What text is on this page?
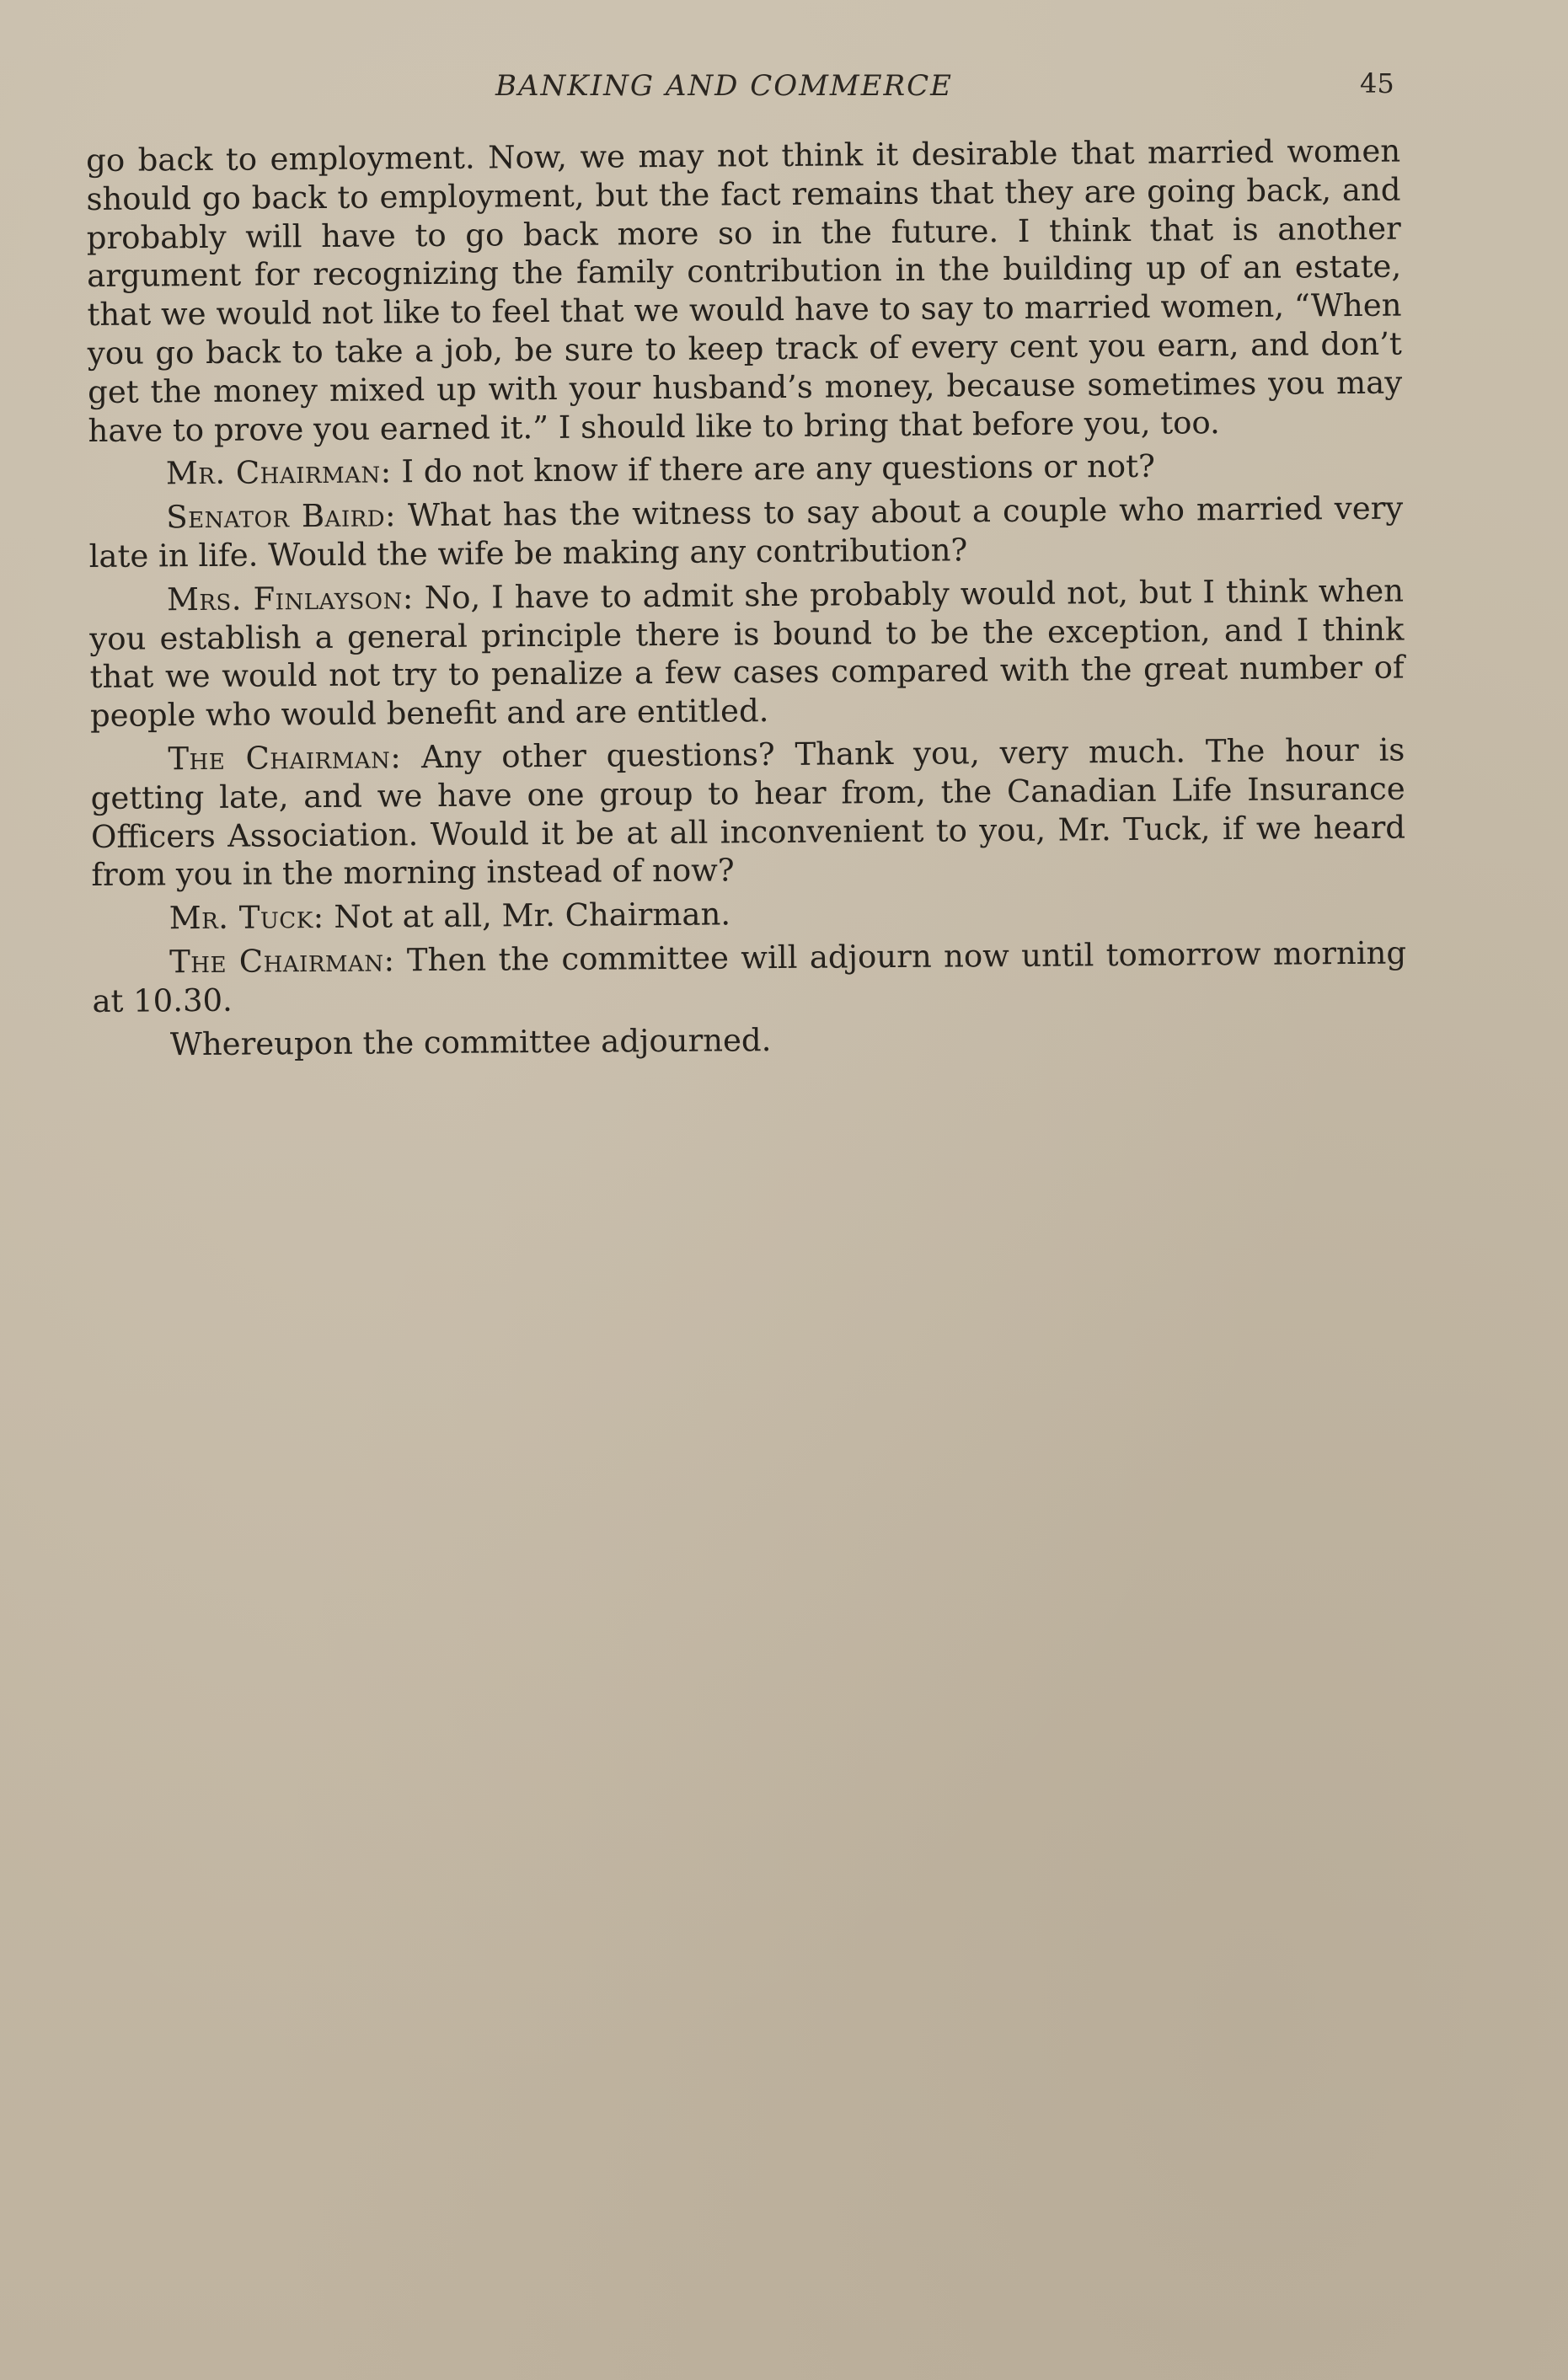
BANKING AND COMMERCE	45

go back to employment. Now, we may not think it desirable that married women should go back to employment, but the fact remains that they are going back, and probably will have to go back more so in the future. I think that is another argument for recognizing the family contribution in the building up of an estate, that we would not like to feel that we would have to say to married women, “When you go back to take a job, be sure to keep track of every cent you earn, and don’t get the money mixed up with your husband’s money, because sometimes you may have to prove you earned it.” I should like to bring that before you, too.

Mr. Chairman: I do not know if there are any questions or not?

Senator Baird: What has the witness to say about a couple who married very late in life. Would the wife be making any contribution?

Mrs. Finlayson: No, I have to admit she probably would not, but I think when you establish a general principle there is bound to be the exception, and I think that we would not try to penalize a few cases compared with the great number of people who would benefit and are entitled.

The Chairman: Any other questions? Thank you, very much. The hour is getting late, and we have one group to hear from, the Canadian Life Insurance Officers Association. Would it be at all inconvenient to you, Mr. Tuck, if we heard from you in the morning instead of now?

Mr. Tuck: Not at all, Mr. Chairman.

The Chairman: Then the committee will adjourn now until tomorrow morning at 10.30.

Whereupon the committee adjourned.
